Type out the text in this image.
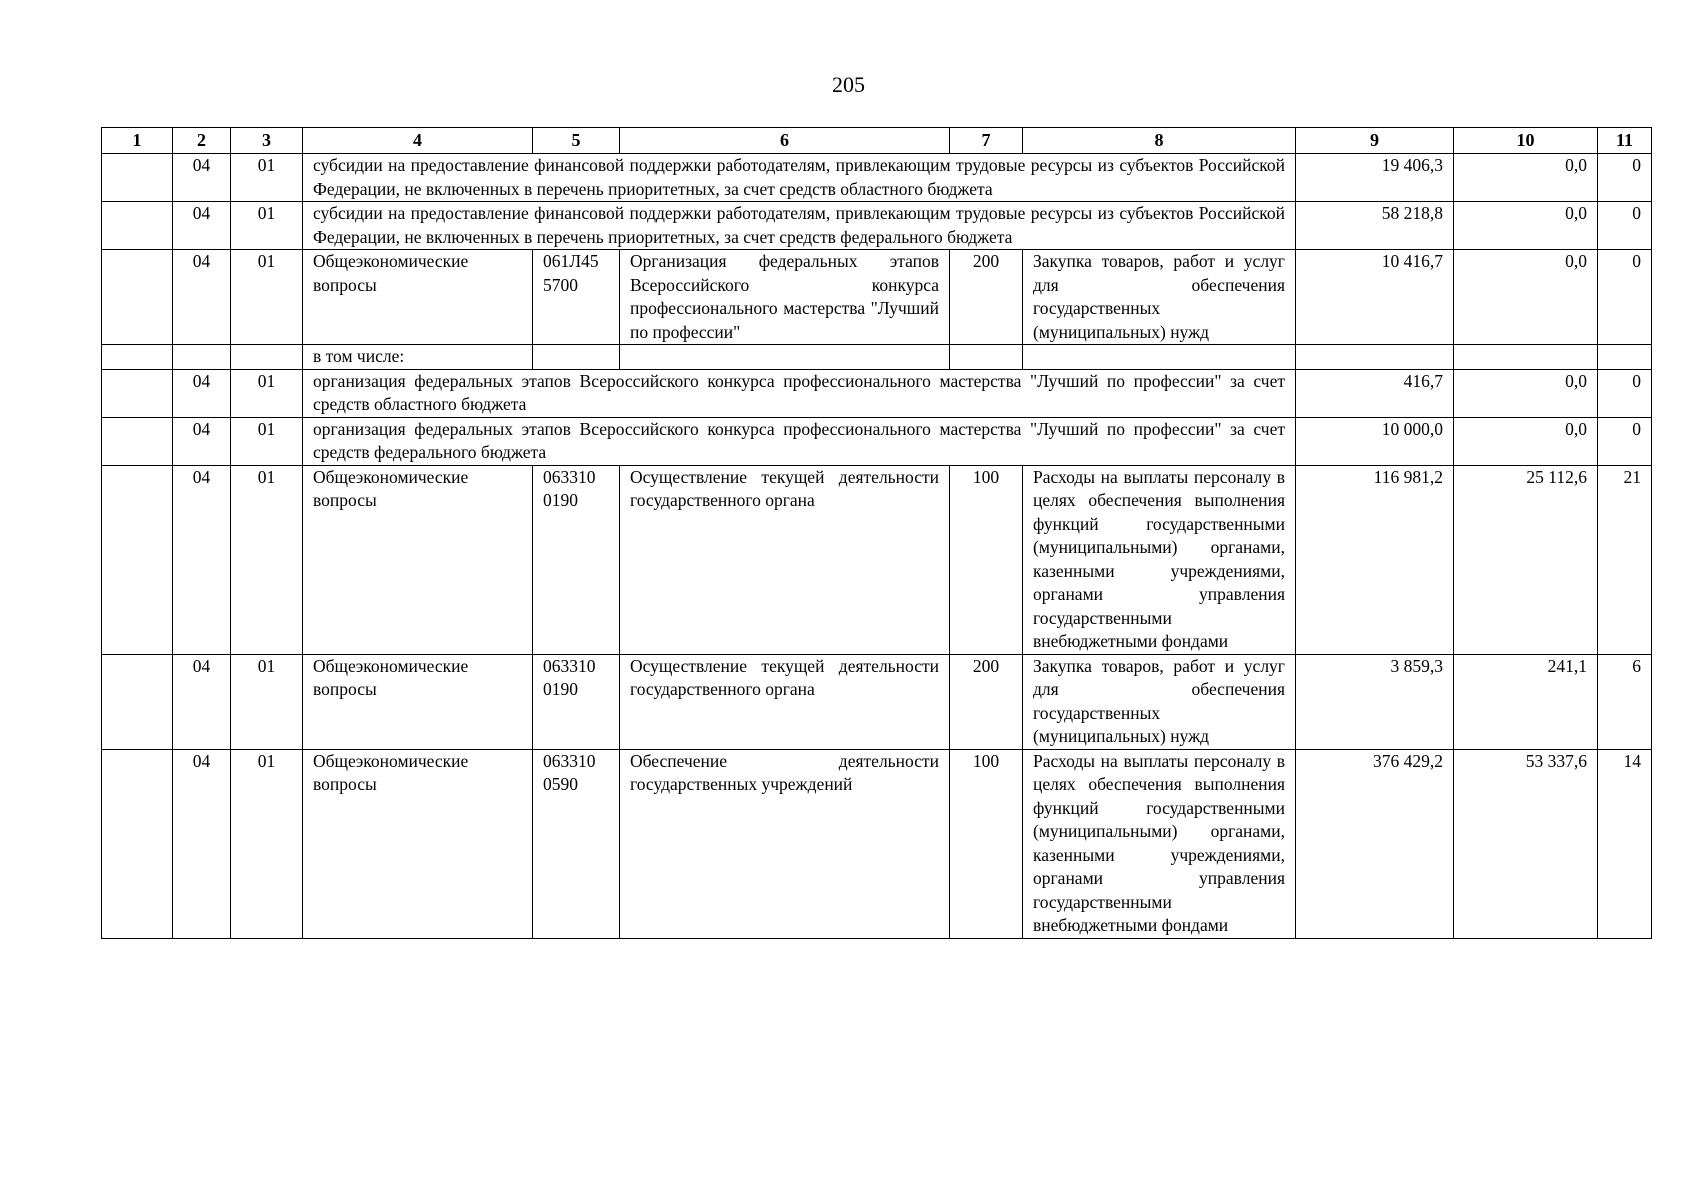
205
1	2	3	4	5	6	7	8	9	10	11
	04	01	субсидии на предоставление финансовой поддержки работодателям, привлекающим трудовые ресурсы из субъектов Российской Федерации, не включенных в перечень приоритетных, за счет средств областного бюджета					19 406,3	0,0	0
	04	01	субсидии на предоставление финансовой поддержки работодателям, привлекающим трудовые ресурсы из субъектов Российской Федерации, не включенных в перечень приоритетных, за счет средств федерального бюджета					58 218,8	0,0	0
	04	01	Общеэкономические вопросы	061Л45 5700	Организация федеральных этапов Всероссийского конкурса профессионального мастерства "Лучший по профессии"	200	Закупка товаров, работ и услуг для обеспечения государственных (муниципальных) нужд	10 416,7	0,0	0
			в том числе:							
	04	01	организация федеральных этапов Всероссийского конкурса профессионального мастерства "Лучший по профессии" за счет средств областного бюджета					416,7	0,0	0
	04	01	организация федеральных этапов Всероссийского конкурса профессионального мастерства "Лучший по профессии" за счет средств федерального бюджета					10 000,0	0,0	0
	04	01	Общеэкономические вопросы	063310 0190	Осуществление текущей деятельности государственного органа	100	Расходы на выплаты персоналу в целях обеспечения выполнения функций государственными (муниципальными) органами, казенными учреждениями, органами управления государственными внебюджетными фондами	116 981,2	25 112,6	21
	04	01	Общеэкономические вопросы	063310 0190	Осуществление текущей деятельности государственного органа	200	Закупка товаров, работ и услуг для обеспечения государственных (муниципальных) нужд	3 859,3	241,1	6
	04	01	Общеэкономические вопросы	063310 0590	Обеспечение деятельности государственных учреждений	100	Расходы на выплаты персоналу в целях обеспечения выполнения функций государственными (муниципальными) органами, казенными учреждениями, органами управления государственными внебюджетными фондами	376 429,2	53 337,6	14
